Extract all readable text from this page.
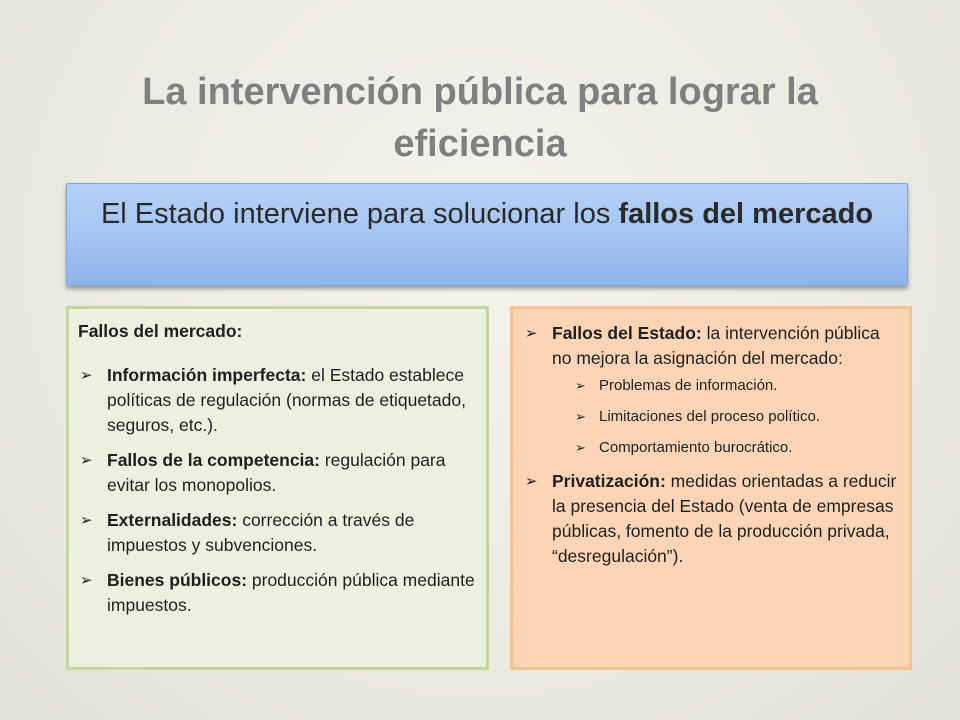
La intervención pública para lograr la eficiencia
El Estado interviene para solucionar los fallos del mercado
Fallos del mercado:
➢ Información imperfecta: el Estado establece políticas de regulación (normas de etiquetado, seguros, etc.).
➢ Fallos de la competencia: regulación para evitar los monopolios.
➢ Externalidades: corrección a través de impuestos y subvenciones.
➢ Bienes públicos: producción pública mediante impuestos.
➢ Fallos del Estado: la intervención pública no mejora la asignación del mercado:
➢ Problemas de información.
➢ Limitaciones del proceso político.
➢ Comportamiento burocrático.
➢ Privatización: medidas orientadas a reducir la presencia del Estado (venta de empresas públicas, fomento de la producción privada, “desregulación”).
